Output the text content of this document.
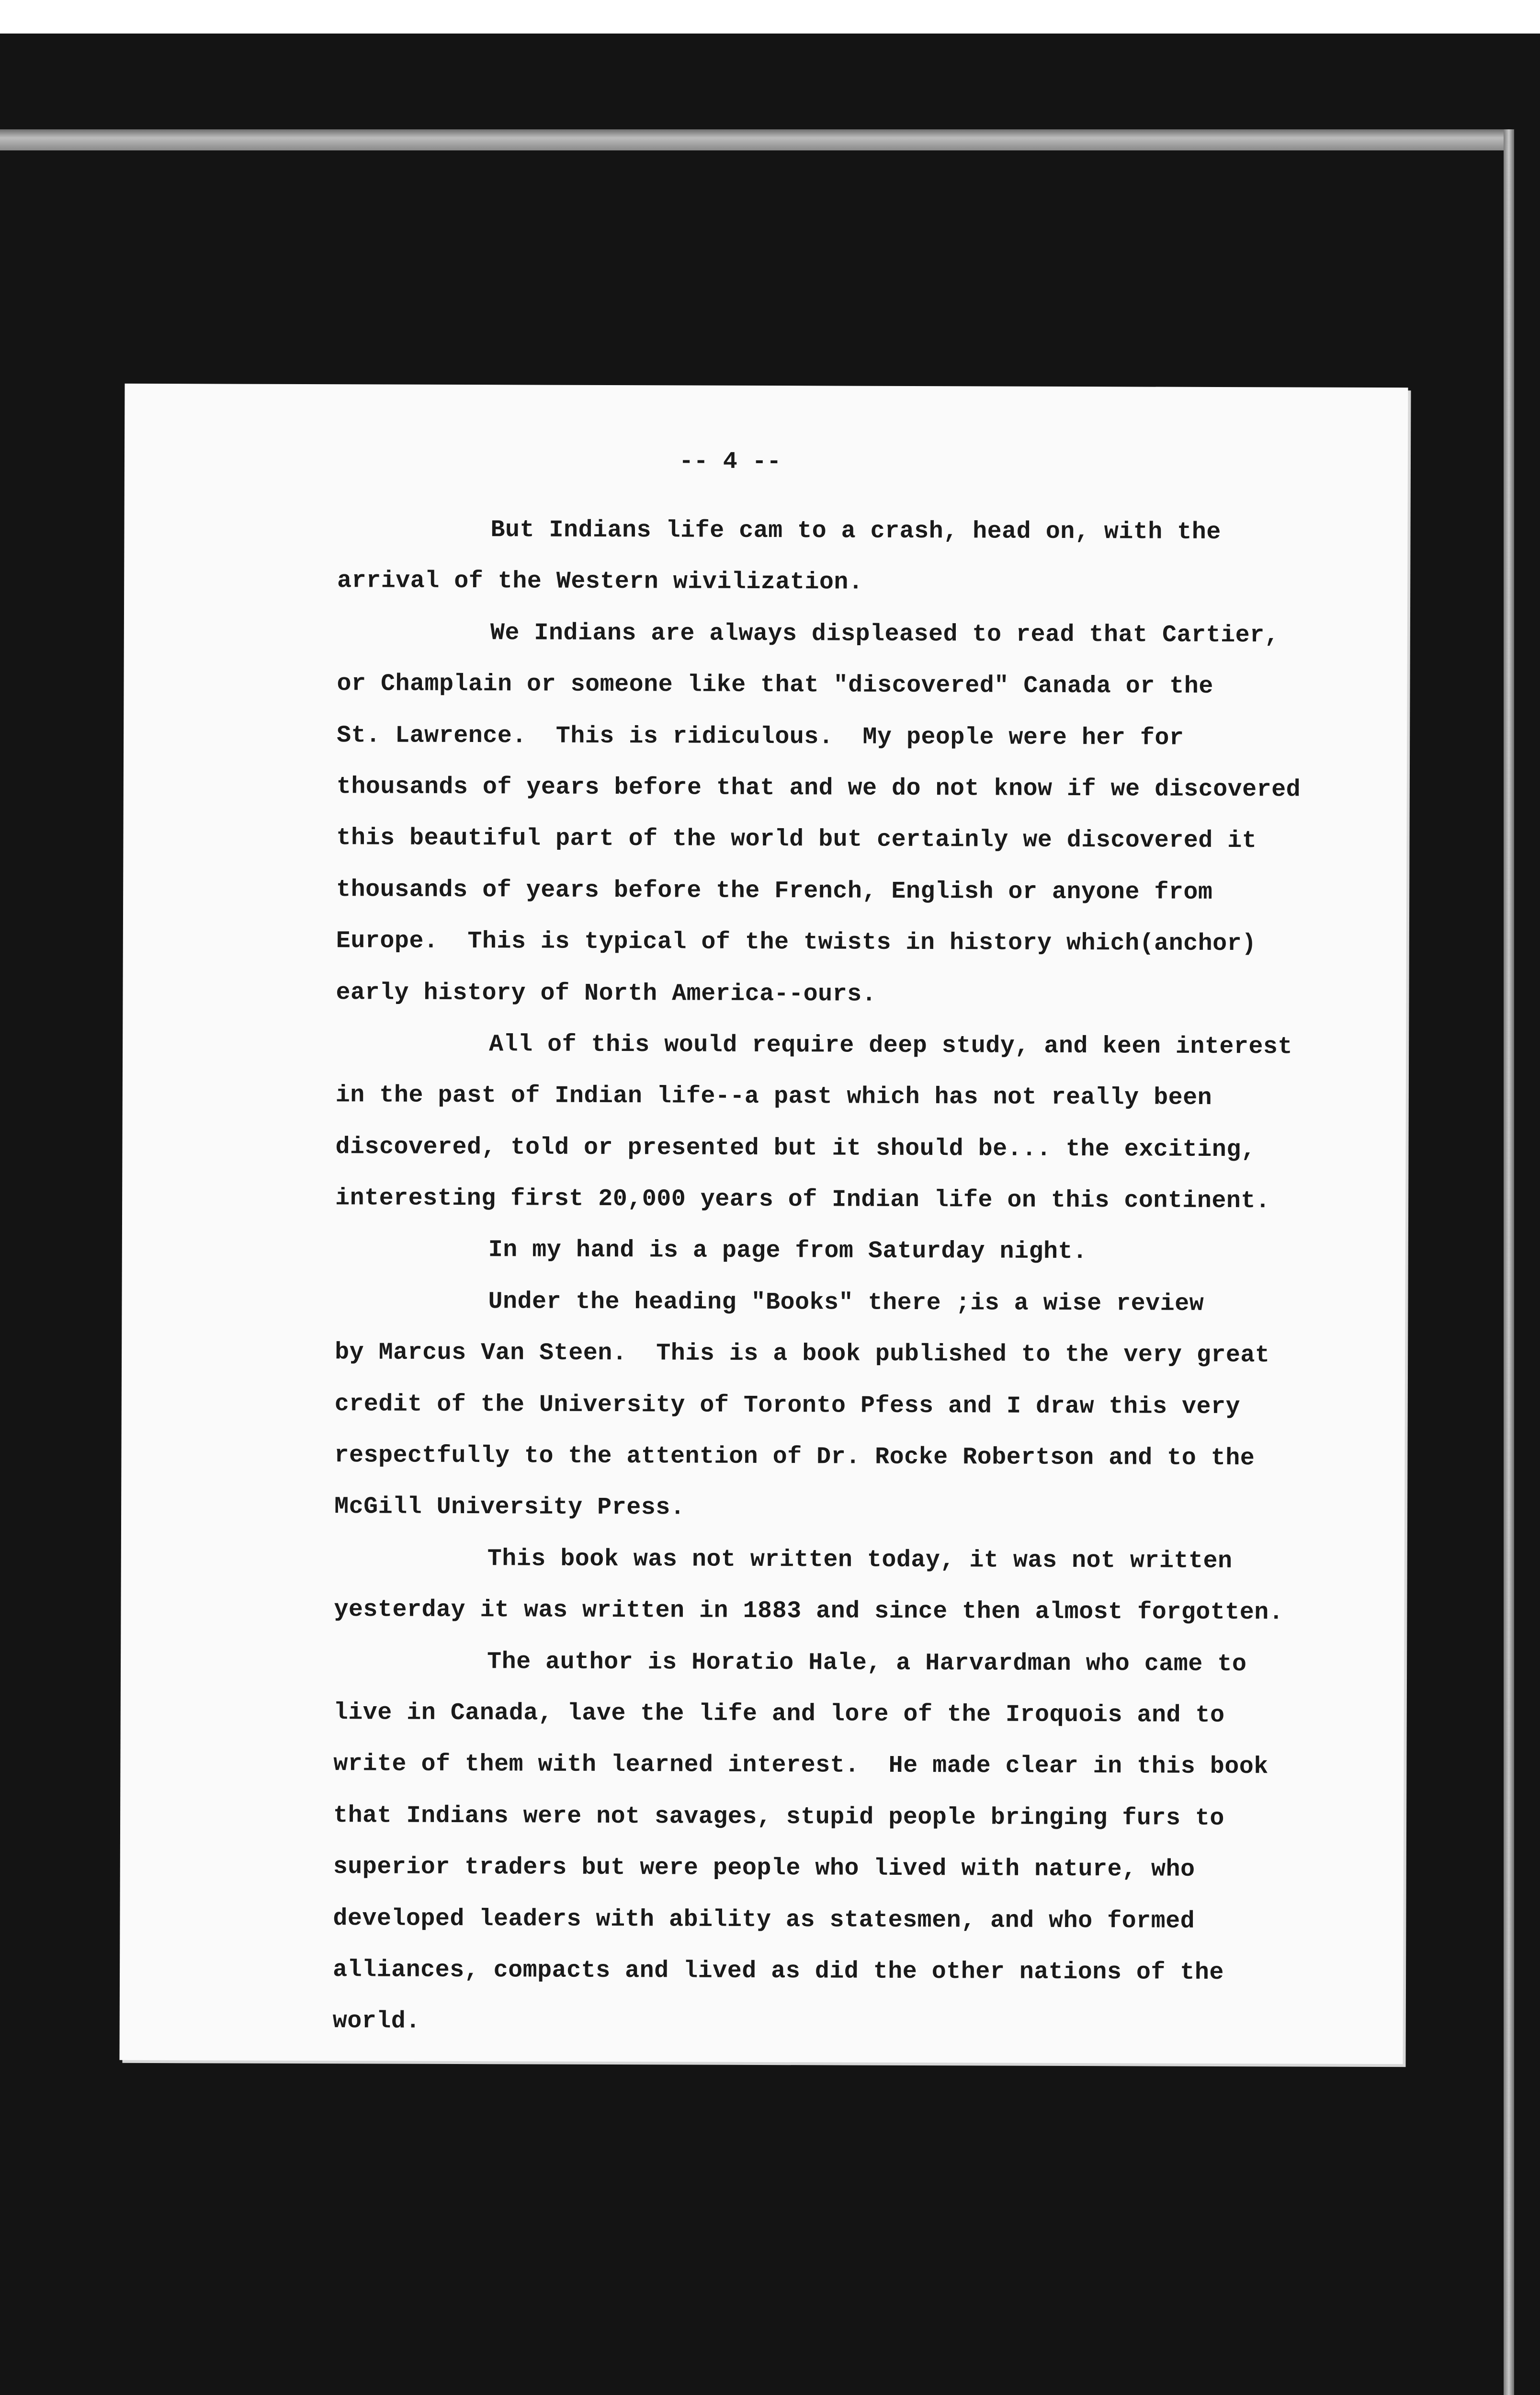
-- 4 --
But Indians life cam to a crash, head on, with the
arrival of the Western wivilization.
We Indians are always displeased to read that Cartier,
or Champlain or someone like that "discovered" Canada or the
St. Lawrence.  This is ridiculous.  My people were her for
thousands of years before that and we do not know if we discovered
this beautiful part of the world but certainly we discovered it
thousands of years before the French, English or anyone from
Europe.  This is typical of the twists in history which(anchor)
early history of North America--ours.
All of this would require deep study, and keen interest
in the past of Indian life--a past which has not really been
discovered, told or presented but it should be... the exciting,
interesting first 20,000 years of Indian life on this continent.
In my hand is a page from Saturday night.
Under the heading "Books" there ;is a wise review
by Marcus Van Steen.  This is a book published to the very great
credit of the University of Toronto Pfess and I draw this very
respectfully to the attention of Dr. Rocke Robertson and to the
McGill University Press.
This book was not written today, it was not written
yesterday it was written in 1883 and since then almost forgotten.
The author is Horatio Hale, a Harvardman who came to
live in Canada, lave the life and lore of the Iroquois and to
write of them with learned interest.  He made clear in this book
that Indians were not savages, stupid people bringing furs to
superior traders but were people who lived with nature, who
developed leaders with ability as statesmen, and who formed
alliances, compacts and lived as did the other nations of the
world.
